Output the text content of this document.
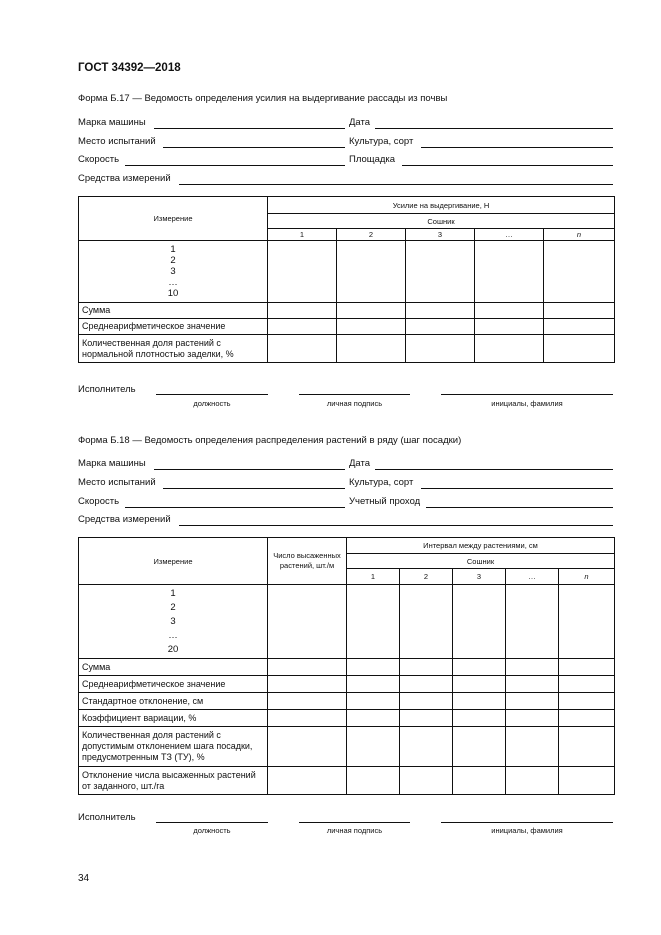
ГОСТ 34392—2018
Форма Б.17 — Ведомость определения усилия на выдергивание рассады из почвы
Марка машины	Дата
Место испытаний	Культура, сорт
Скорость	Площадка
Средства измерений
Измерение	Усилие на выдергивание, Н				
	Сошник				
	1	2	3	…	n

1
2
3
…
10					

Сумма					
Среднеарифметическое значение					
Количественная доля растений с нормальной плотностью заделки, %					
Исполнитель
должность	личная подпись	инициалы, фамилия
Форма Б.18 — Ведомость определения распределения растений в ряду (шаг посадки)
Марка машины	Дата
Место испытаний	Культура, сорт
Скорость	Учетный проход
Средства измерений
Измерение	Число высаженных растений, шт./м	Интервал между растениями, см				
		Сошник				
		1	2	3	…	n

1
2
3
…
20						

Сумма						
Среднеарифметическое значение						
Стандартное отклонение, см						
Коэффициент вариации, %						
Количественная доля растений с допустимым отклонением шага посадки, предусмотренным ТЗ (ТУ), %						
Отклонение числа высаженных растений от заданного, шт./га						
Исполнитель
должность	личная подпись	инициалы, фамилия
34
